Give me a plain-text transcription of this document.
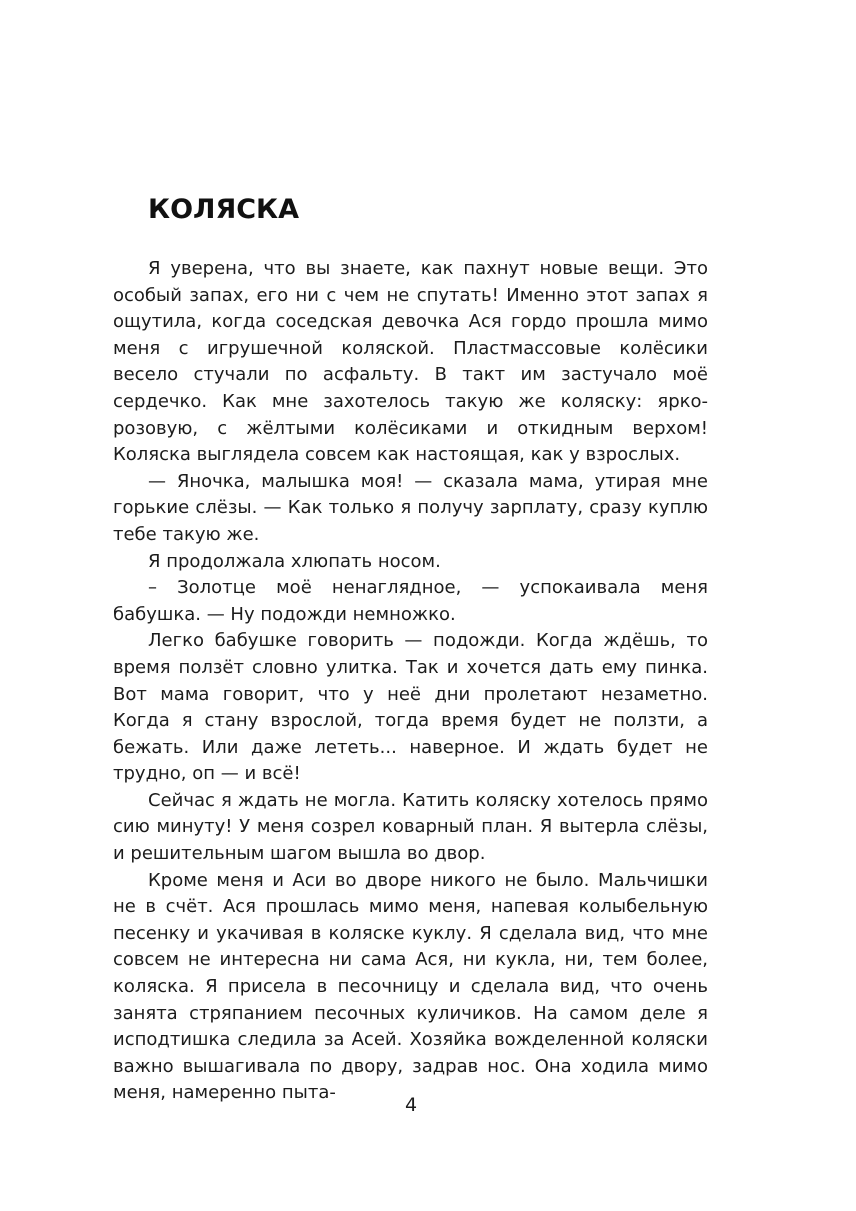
КОЛЯСКА

Я уверена, что вы знаете, как пахнут новые вещи. Это особый запах, его ни с чем не спутать! Именно этот запах я ощутила, когда соседская девочка Ася гордо прошла мимо меня с игрушечной коляской. Пластмассовые колёсики весело стучали по асфальту. В такт им застучало моё сердечко. Как мне захотелось такую же коляску: ярко-розовую, с жёлтыми колёсиками и откидным верхом! Коляска выглядела совсем как настоящая, как у взрослых.

— Яночка, малышка моя! — сказала мама, утирая мне горькие слёзы. — Как только я получу зарплату, сразу куплю тебе такую же.

Я продолжала хлюпать носом.

– Золотце моё ненаглядное, — успокаивала меня бабушка. — Ну подожди немножко.

Легко бабушке говорить — подожди. Когда ждёшь, то время ползёт словно улитка. Так и хочется дать ему пинка. Вот мама говорит, что у неё дни пролетают незаметно. Когда я стану взрослой, тогда время будет не ползти, а бежать. Или даже лететь... наверное. И ждать будет не трудно, оп — и всё!

Сейчас я ждать не могла. Катить коляску хотелось прямо сию минуту! У меня созрел коварный план. Я вытерла слёзы, и решительным шагом вышла во двор.

Кроме меня и Аси во дворе никого не было. Мальчишки не в счёт. Ася прошлась мимо меня, напевая колыбельную песенку и укачивая в коляске куклу. Я сделала вид, что мне совсем не интересна ни сама Ася, ни кукла, ни, тем более, коляска. Я присела в песочницу и сделала вид, что очень занята стряпанием песочных куличиков. На самом деле я исподтишка следила за Асей. Хозяйка вожделенной коляски важно вышагивала по двору, задрав нос. Она ходила мимо меня, намеренно пыта-

4
